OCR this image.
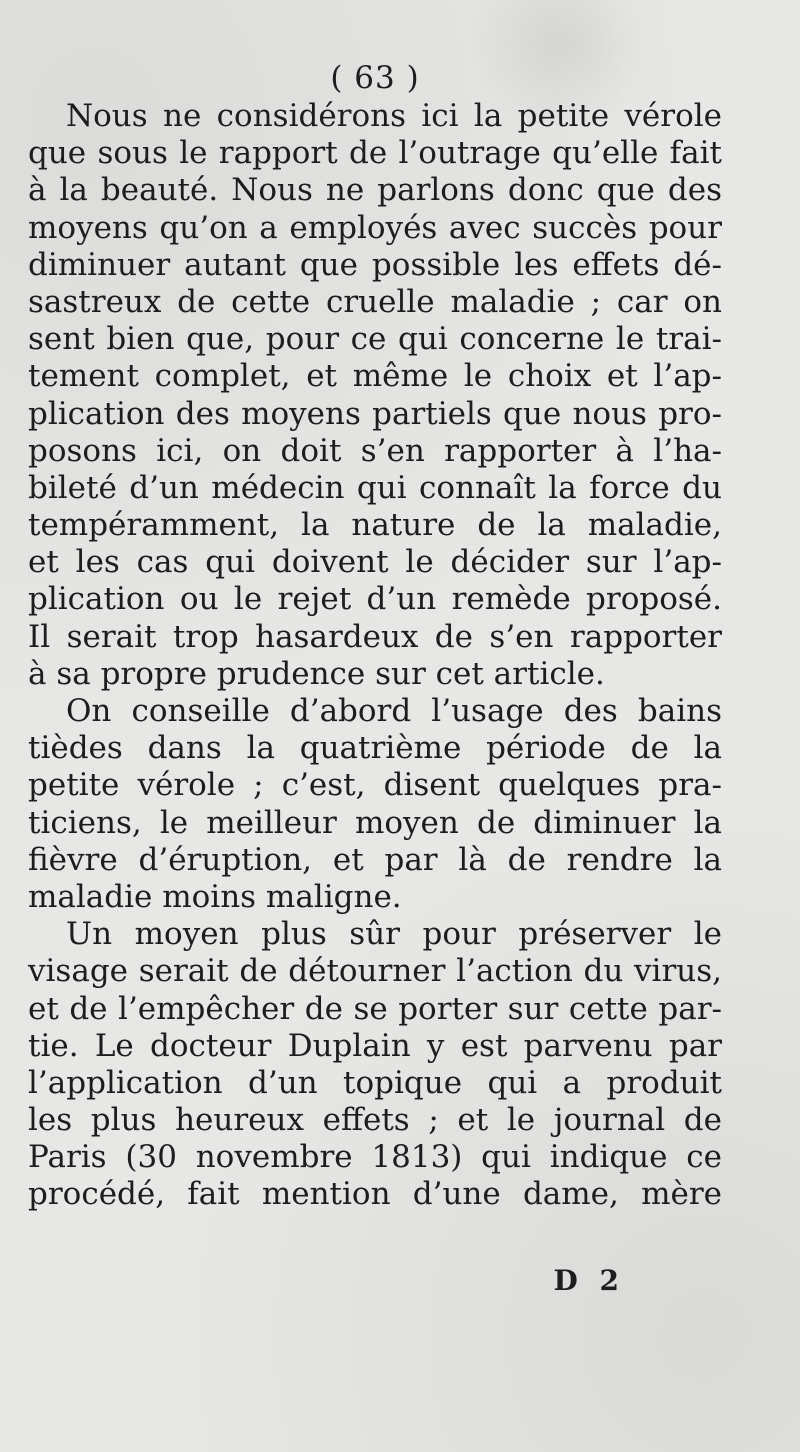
( 63 )
Nous ne considérons ici la petite vérole
que sous le rapport de l’outrage qu’elle fait
à la beauté. Nous ne parlons donc que des
moyens qu’on a employés avec succès pour
diminuer autant que possible les effets dé-
sastreux de cette cruelle maladie ; car on
sent bien que, pour ce qui concerne le trai-
tement complet, et même le choix et l’ap-
plication des moyens partiels que nous pro-
posons ici, on doit s’en rapporter à l’ha-
bileté d’un médecin qui connaît la force du
tempéramment, la nature de la maladie,
et les cas qui doivent le décider sur l’ap-
plication ou le rejet d’un remède proposé.
Il serait trop hasardeux de s’en rapporter
à sa propre prudence sur cet article.
On conseille d’abord l’usage des bains
tièdes dans la quatrième période de la
petite vérole ; c’est, disent quelques pra-
ticiens, le meilleur moyen de diminuer la
fièvre d’éruption, et par là de rendre la
maladie moins maligne.
Un moyen plus sûr pour préserver le
visage serait de détourner l’action du virus,
et de l’empêcher de se porter sur cette par-
tie. Le docteur Duplain y est parvenu par
l’application d’un topique qui a produit
les plus heureux effets ; et le journal de
Paris (30 novembre 1813) qui indique ce
procédé, fait mention d’une dame, mère
D 2
